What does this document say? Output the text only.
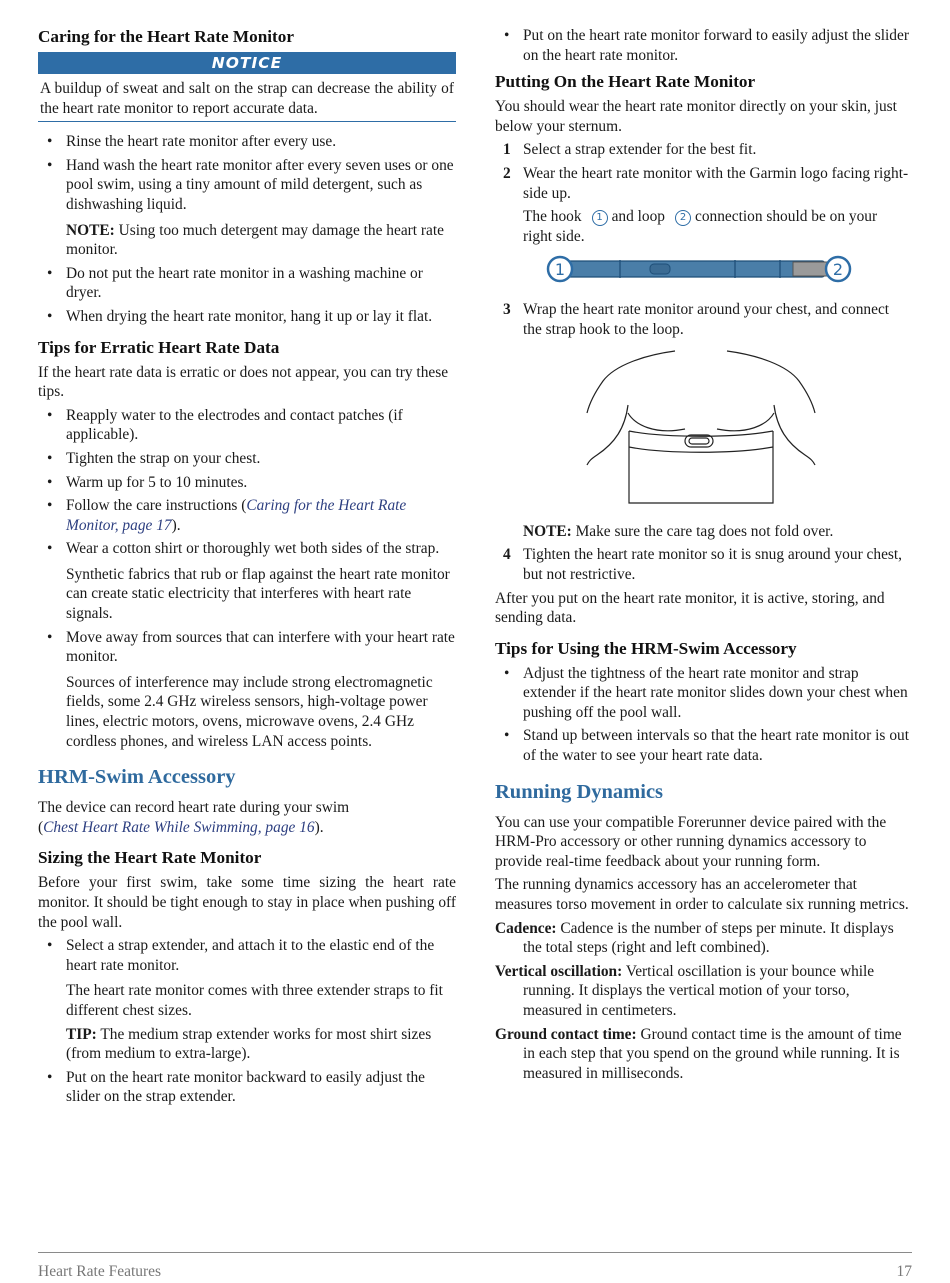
Caring for the Heart Rate Monitor
NOTICE
A buildup of sweat and salt on the strap can decrease the ability of the heart rate monitor to report accurate data.
• Rinse the heart rate monitor after every use.
• Hand wash the heart rate monitor after every seven uses or one pool swim, using a tiny amount of mild detergent, such as dishwashing liquid.

NOTE: Using too much detergent may damage the heart rate monitor.

• Do not put the heart rate monitor in a washing machine or dryer.
• When drying the heart rate monitor, hang it up or lay it flat.
Tips for Erratic Heart Rate Data

If the heart rate data is erratic or does not appear, you can try these tips.

• Reapply water to the electrodes and contact patches (if applicable).
• Tighten the strap on your chest.
• Warm up for 5 to 10 minutes.
• Follow the care instructions (Caring for the Heart Rate Monitor, page 17).
• Wear a cotton shirt or thoroughly wet both sides of the strap.

Synthetic fabrics that rub or flap against the heart rate monitor can create static electricity that interferes with heart rate signals.

• Move away from sources that can interfere with your heart rate monitor.

Sources of interference may include strong electromagnetic fields, some 2.4 GHz wireless sensors, high-voltage power lines, electric motors, ovens, microwave ovens, 2.4 GHz cordless phones, and wireless LAN access points.

HRM-Swim Accessory

The device can record heart rate during your swim
(Chest Heart Rate While Swimming, page 16).

Sizing the Heart Rate Monitor

Before your first swim, take some time sizing the heart rate monitor. It should be tight enough to stay in place when pushing off the pool wall.

• Select a strap extender, and attach it to the elastic end of the heart rate monitor.

The heart rate monitor comes with three extender straps to fit different chest sizes.

TIP: The medium strap extender works for most shirt sizes (from medium to extra-large).

• Put on the heart rate monitor backward to easily adjust the slider on the strap extender.
• Put on the heart rate monitor forward to easily adjust the slider on the heart rate monitor.
Putting On the Heart Rate Monitor

You should wear the heart rate monitor directly on your skin, just below your sternum.

1 Select a strap extender for the best fit.
2 Wear the heart rate monitor with the Garmin logo facing right- side up.

The hook 1 and loop 2 connection should be on your right side.

1	2
3 Wrap the heart rate monitor around your chest, and connect the strap hook to the loop.

NOTE: Make sure the care tag does not fold over.

4 Tighten the heart rate monitor so it is snug around your chest, but not restrictive.

After you put on the heart rate monitor, it is active, storing, and sending data.

Tips for Using the HRM-Swim Accessory
• Adjust the tightness of the heart rate monitor and strap extender if the heart rate monitor slides down your chest when pushing off the pool wall.
• Stand up between intervals so that the heart rate monitor is out of the water to see your heart rate data.
Running Dynamics

You can use your compatible Forerunner device paired with the HRM-Pro accessory or other running dynamics accessory to provide real-time feedback about your running form.

The running dynamics accessory has an accelerometer that measures torso movement in order to calculate six running metrics.

Cadence: Cadence is the number of steps per minute. It displays the total steps (right and left combined).

Vertical oscillation: Vertical oscillation is your bounce while running. It displays the vertical motion of your torso, measured in centimeters.

Ground contact time: Ground contact time is the amount of time in each step that you spend on the ground while running. It is measured in milliseconds.

Heart Rate Features	17
